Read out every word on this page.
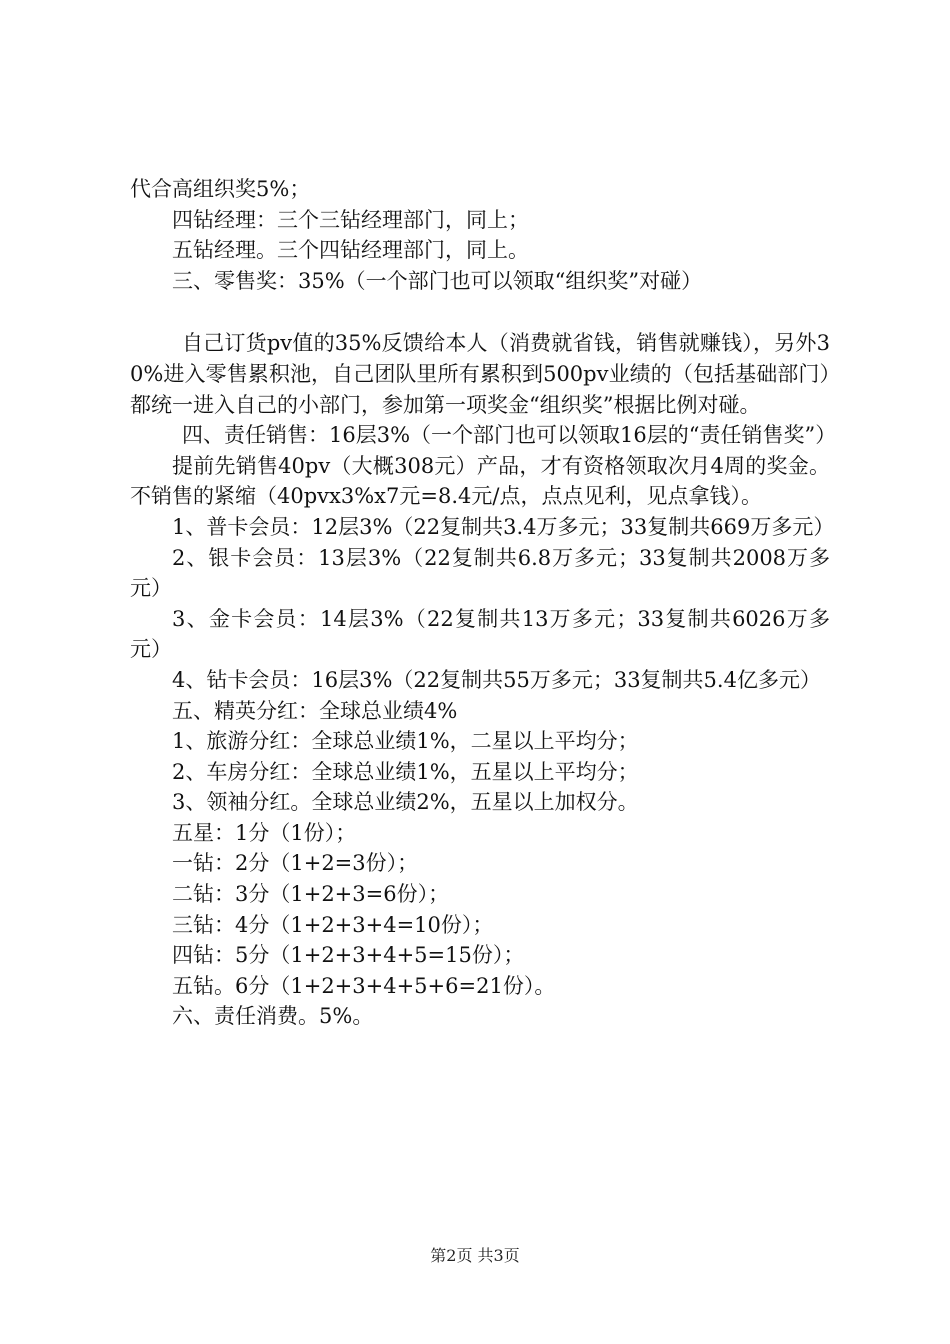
代合高组织奖5%；

四钻经理：三个三钻经理部门，同上；

五钻经理。三个四钻经理部门，同上。

三、零售奖：35%（一个部门也可以领取“组织奖”对碰）

自己订货pv值的35%反馈给本人（消费就省钱，销售就赚钱），另外30%进入零售累积池，自己团队里所有累积到500pv业绩的（包括基础部门）都统一进入自己的小部门，参加第一项奖金“组织奖”根据比例对碰。

四、责任销售：16层3%（一个部门也可以领取16层的“责任销售奖”）

提前先销售40pv（大概308元）产品，才有资格领取次月4周的奖金。不销售的紧缩（40pvx3%x7元=8.4元/点，点点见利，见点拿钱）。

1、普卡会员：12层3%（22复制共3.4万多元；33复制共669万多元）

2、银卡会员：13层3%（22复制共6.8万多元；33复制共2008万多元）

3、金卡会员：14层3%（22复制共13万多元；33复制共6026万多元）

4、钻卡会员：16层3%（22复制共55万多元；33复制共5.4亿多元）

五、精英分红：全球总业绩4%

1、旅游分红：全球总业绩1%，二星以上平均分；

2、车房分红：全球总业绩1%，五星以上平均分；

3、领袖分红。全球总业绩2%，五星以上加权分。

五星：1分（1份）；

一钻：2分（1+2=3份）；

二钻：3分（1+2+3=6份）；

三钻：4分（1+2+3+4=10份）；

四钻：5分（1+2+3+4+5=15份）；

五钻。6分（1+2+3+4+5+6=21份）。

六、责任消费。5%。

第2页 共3页
